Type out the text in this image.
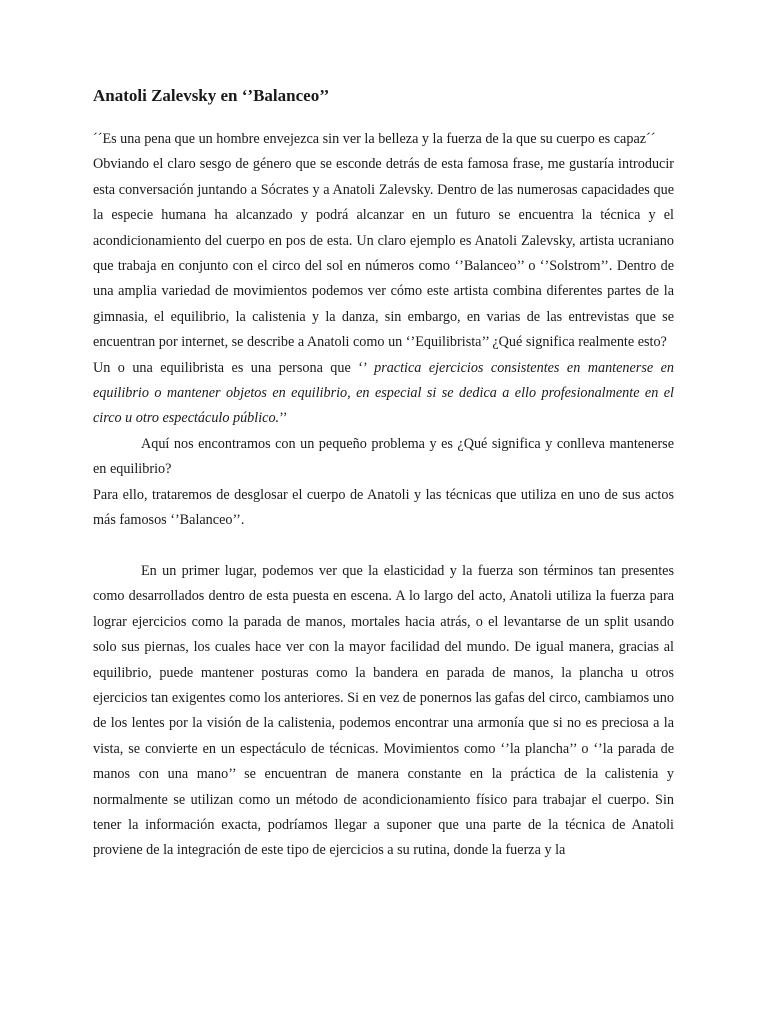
Anatoli Zalevsky en ‘’Balanceo’’

´´Es una pena que un hombre envejezca sin ver la belleza y la fuerza de la que su cuerpo es capaz´´

Obviando el claro sesgo de género que se esconde detrás de esta famosa frase, me gustaría introducir esta conversación juntando a Sócrates y a Anatoli Zalevsky. Dentro de las numerosas capacidades que la especie humana ha alcanzado y podrá alcanzar en un futuro se encuentra la técnica y el acondicionamiento del cuerpo en pos de esta. Un claro ejemplo es Anatoli Zalevsky, artista ucraniano que trabaja en conjunto con el circo del sol en números como ‘’Balanceo’’ o ‘’Solstrom’’. Dentro de una amplia variedad de movimientos podemos ver cómo este artista combina diferentes partes de la gimnasia, el equilibrio, la calistenia y la danza, sin embargo, en varias de las entrevistas que se encuentran por internet, se describe a Anatoli como un ‘’Equilibrista’’ ¿Qué significa realmente esto?

Un o una equilibrista es una persona que ‘’ practica ejercicios consistentes en mantenerse en equilibrio o mantener objetos en equilibrio, en especial si se dedica a ello profesionalmente en el circo u otro espectáculo público.’’

Aquí nos encontramos con un pequeño problema y es ¿Qué significa y conlleva mantenerse en equilibrio?

Para ello, trataremos de desglosar el cuerpo de Anatoli y las técnicas que utiliza en uno de sus actos más famosos ‘’Balanceo’’.

En un primer lugar, podemos ver que la elasticidad y la fuerza son términos tan presentes como desarrollados dentro de esta puesta en escena. A lo largo del acto, Anatoli utiliza la fuerza para lograr ejercicios como la parada de manos, mortales hacia atrás, o el levantarse de un split usando solo sus piernas, los cuales hace ver con la mayor facilidad del mundo. De igual manera, gracias al equilibrio, puede mantener posturas como la bandera en parada de manos, la plancha u otros ejercicios tan exigentes como los anteriores. Si en vez de ponernos las gafas del circo, cambiamos uno de los lentes por la visión de la calistenia, podemos encontrar una armonía que si no es preciosa a la vista, se convierte en un espectáculo de técnicas. Movimientos como ‘’la plancha’’ o ‘’la parada de manos con una mano’’ se encuentran de manera constante en la práctica de la calistenia y normalmente se utilizan como un método de acondicionamiento físico para trabajar el cuerpo. Sin tener la información exacta, podríamos llegar a suponer que una parte de la técnica de Anatoli proviene de la integración de este tipo de ejercicios a su rutina, donde la fuerza y la
